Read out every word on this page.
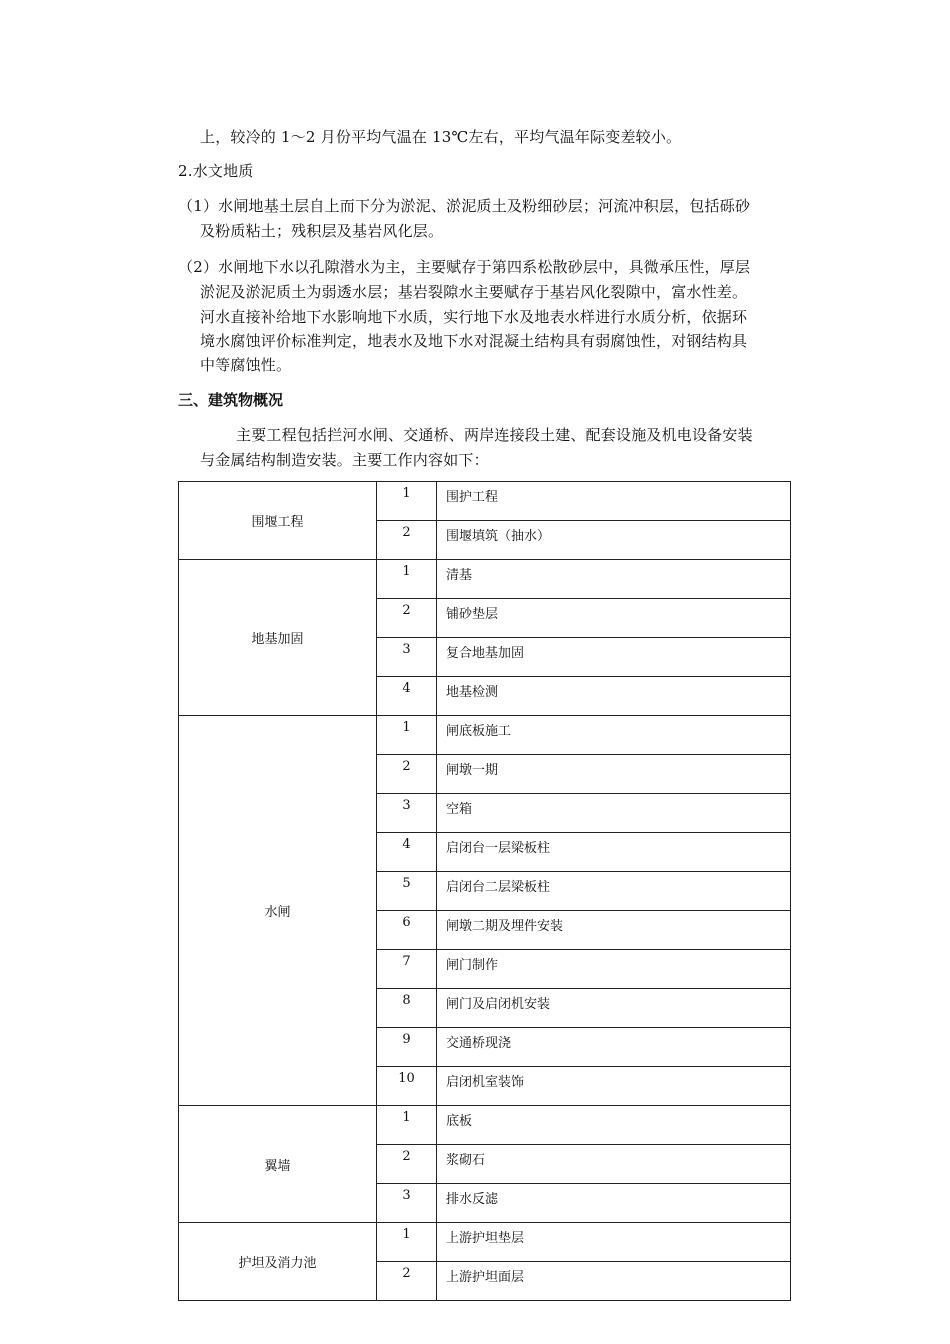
上，较冷的 1～2 月份平均气温在 13℃左右，平均气温年际变差较小。
2.水文地质
（1）水闸地基土层自上而下分为淤泥、淤泥质土及粉细砂层；河流冲积层，包括砾砂
及粉质粘土；残积层及基岩风化层。
（2）水闸地下水以孔隙潜水为主，主要赋存于第四系松散砂层中，具微承压性，厚层
淤泥及淤泥质土为弱透水层；基岩裂隙水主要赋存于基岩风化裂隙中，富水性差。
河水直接补给地下水影响地下水质，实行地下水及地表水样进行水质分析，依据环
境水腐蚀评价标准判定，地表水及地下水对混凝土结构具有弱腐蚀性，对钢结构具
中等腐蚀性。
三、建筑物概况
主要工程包括拦河水闸、交通桥、两岸连接段土建、配套设施及机电设备安装
与金属结构制造安装。主要工作内容如下：
围堰工程	1	围护工程
	2	围堰填筑（抽水）
地基加固	1	清基
	2	铺砂垫层
	3	复合地基加固
	4	地基检测
水闸	1	闸底板施工
	2	闸墩一期
	3	空箱
	4	启闭台一层梁板柱
	5	启闭台二层梁板柱
	6	闸墩二期及埋件安装
	7	闸门制作
	8	闸门及启闭机安装
	9	交通桥现浇
	10	启闭机室装饰
翼墙	1	底板
	2	浆砌石
	3	排水反滤
护坦及消力池	1	上游护坦垫层
	2	上游护坦面层
